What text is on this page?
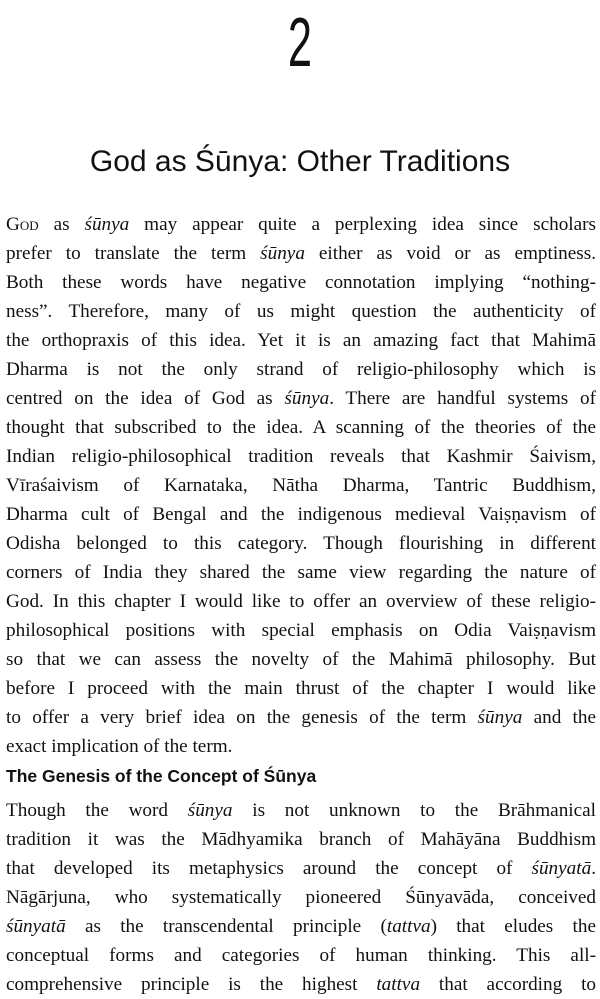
2
God as Śūnya: Other Traditions
God as śūnya may appear quite a perplexing idea since scholars
prefer to translate the term śūnya either as void or as emptiness.
Both these words have negative connotation implying “nothing-
ness”. Therefore, many of us might question the authenticity of
the orthopraxis of this idea. Yet it is an amazing fact that Mahimā
Dharma is not the only strand of religio-philosophy which is
centred on the idea of God as śūnya. There are handful systems of
thought that subscribed to the idea. A scanning of the theories of the
Indian religio-philosophical tradition reveals that Kashmir Śaivism,
Vīraśaivism of Karnataka, Nātha Dharma, Tantric Buddhism,
Dharma cult of Bengal and the indigenous medieval Vaiṣṇavism of
Odisha belonged to this category. Though flourishing in different
corners of India they shared the same view regarding the nature of
God. In this chapter I would like to offer an overview of these religio-
philosophical positions with special emphasis on Odia Vaiṣṇavism
so that we can assess the novelty of the Mahimā philosophy. But
before I proceed with the main thrust of the chapter I would like
to offer a very brief idea on the genesis of the term śūnya and the
exact implication of the term.
The Genesis of the Concept of Śūnya
Though the word śūnya is not unknown to the Brāhmanical
tradition it was the Mādhyamika branch of Mahāyāna Buddhism
that developed its metaphysics around the concept of śūnyatā.
Nāgārjuna, who systematically pioneered Śūnyavāda, conceived
śūnyatā as the transcendental principle (tattva) that eludes the
conceptual forms and categories of human thinking. This all-
comprehensive principle is the highest tattva that according to
